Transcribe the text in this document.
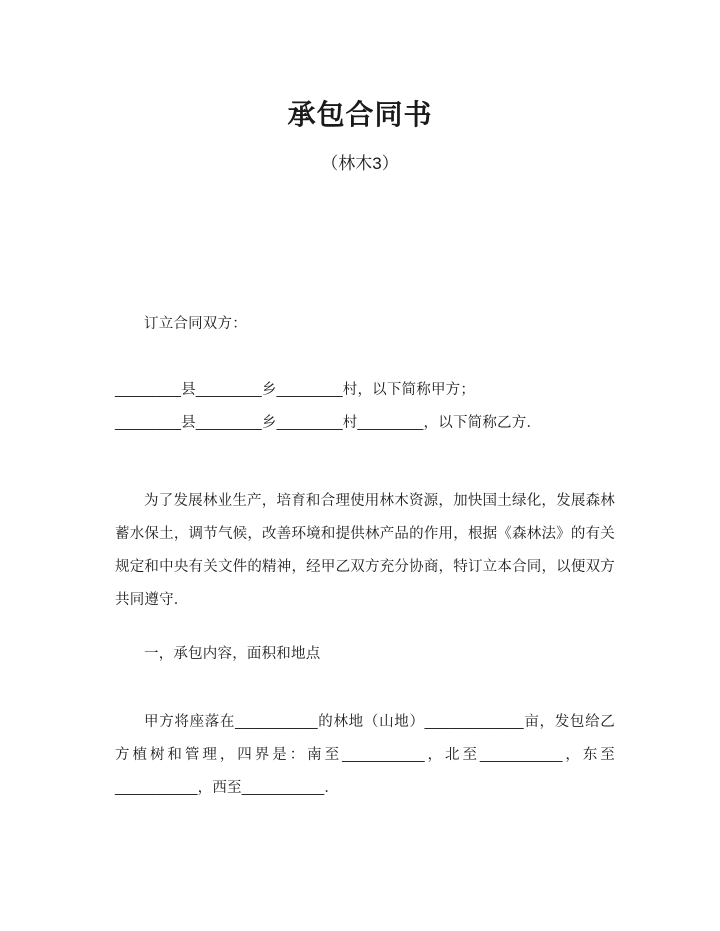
承包合同书
（林木3）
订立合同双方：
________县________乡________村，以下简称甲方；
________县________乡________村________，以下简称乙方．
为了发展林业生产，培育和合理使用林木资源，加快国土绿化，发展森林蓄水保土，调节气候，改善环境和提供林产品的作用，根据《森林法》的有关规定和中央有关文件的精神，经甲乙双方充分协商，特订立本合同，以便双方共同遵守．
一，承包内容，面积和地点
甲方将座落在__________的林地（山地）____________亩，发包给乙方植树和管理，四界是：南至__________，北至__________，东至__________，西至__________．
